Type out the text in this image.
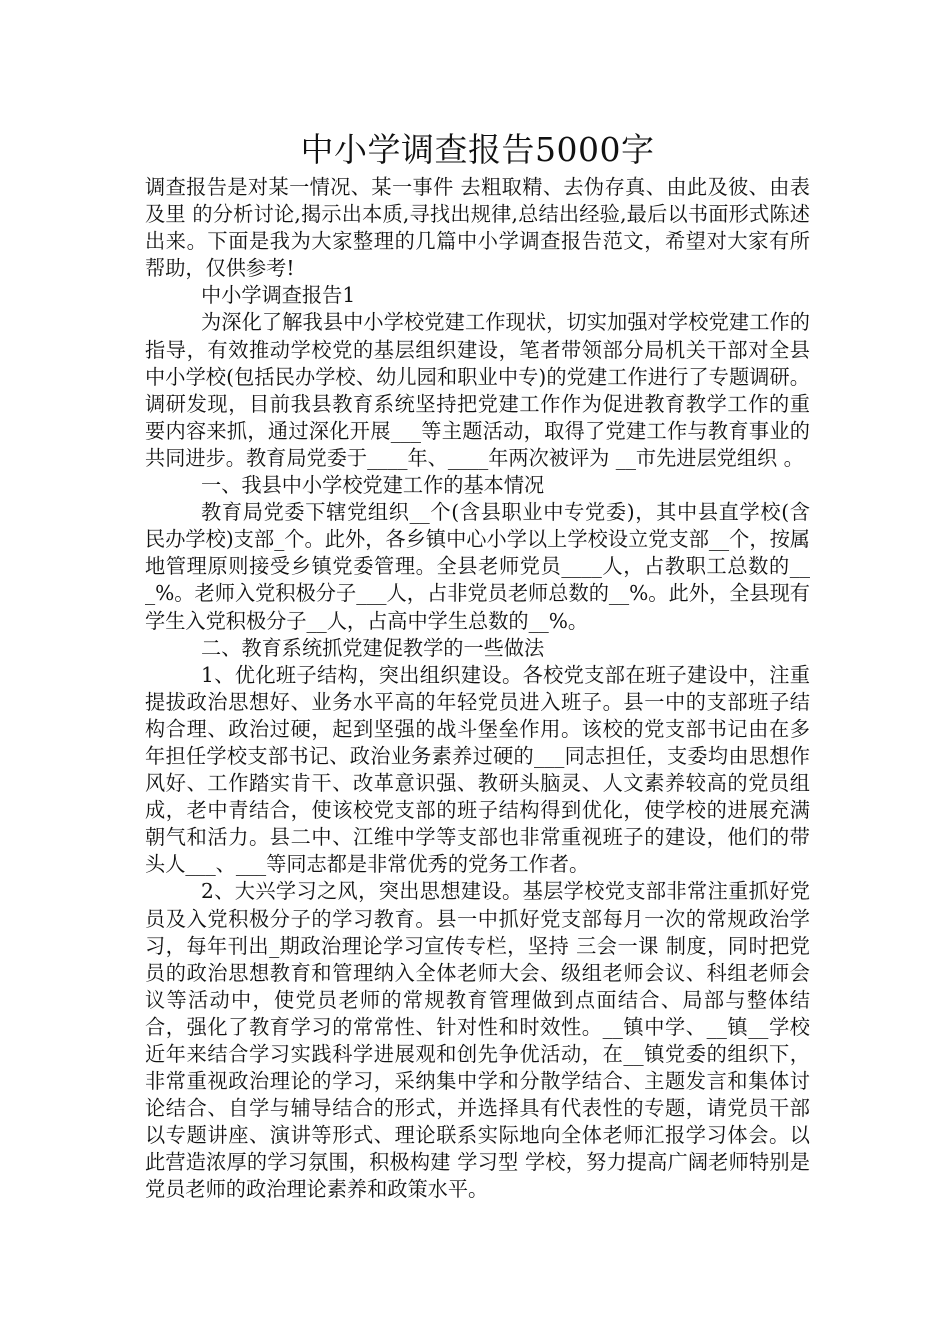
中小学调查报告5000字

调查报告是对某一情况、某一事件 去粗取精、去伪存真、由此及彼、由表及里 的分析讨论,揭示出本质,寻找出规律,总结出经验,最后以书面形式陈述出来。下面是我为大家整理的几篇中小学调查报告范文，希望对大家有所帮助，仅供参考!

中小学调查报告1

为深化了解我县中小学校党建工作现状，切实加强对学校党建工作的指导，有效推动学校党的基层组织建设，笔者带领部分局机关干部对全县中小学校(包括民办学校、幼儿园和职业中专)的党建工作进行了专题调研。调研发现，目前我县教育系统坚持把党建工作作为促进教育教学工作的重要内容来抓，通过深化开展___等主题活动，取得了党建工作与教育事业的共同进步。教育局党委于____年、____年两次被评为 __市先进层党组织 。

一、我县中小学校党建工作的基本情况

教育局党委下辖党组织__个(含县职业中专党委)，其中县直学校(含民办学校)支部_个。此外，各乡镇中心小学以上学校设立党支部__个，按属地管理原则接受乡镇党委管理。全县老师党员____人，占教职工总数的___%。老师入党积极分子___人，占非党员老师总数的__%。此外，全县现有学生入党积极分子__人，占高中学生总数的__%。

二、教育系统抓党建促教学的一些做法

1、优化班子结构，突出组织建设。各校党支部在班子建设中，注重提拔政治思想好、业务水平高的年轻党员进入班子。县一中的支部班子结构合理、政治过硬，起到坚强的战斗堡垒作用。该校的党支部书记由在多年担任学校支部书记、政治业务素养过硬的___同志担任，支委均由思想作风好、工作踏实肯干、改革意识强、教研头脑灵、人文素养较高的党员组成，老中青结合，使该校党支部的班子结构得到优化，使学校的进展充满朝气和活力。县二中、江维中学等支部也非常重视班子的建设，他们的带头人___、___等同志都是非常优秀的党务工作者。

2、大兴学习之风，突出思想建设。基层学校党支部非常注重抓好党员及入党积极分子的学习教育。县一中抓好党支部每月一次的常规政治学习，每年刊出_期政治理论学习宣传专栏，坚持 三会一课 制度，同时把党员的政治思想教育和管理纳入全体老师大会、级组老师会议、科组老师会议等活动中，使党员老师的常规教育管理做到点面结合、局部与整体结合，强化了教育学习的常常性、针对性和时效性。__镇中学、__镇__学校近年来结合学习实践科学进展观和创先争优活动，在__镇党委的组织下，非常重视政治理论的学习，采纳集中学和分散学结合、主题发言和集体讨论结合、自学与辅导结合的形式，并选择具有代表性的专题，请党员干部以专题讲座、演讲等形式、理论联系实际地向全体老师汇报学习体会。以此营造浓厚的学习氛围，积极构建 学习型 学校，努力提高广阔老师特别是党员老师的政治理论素养和政策水平。
